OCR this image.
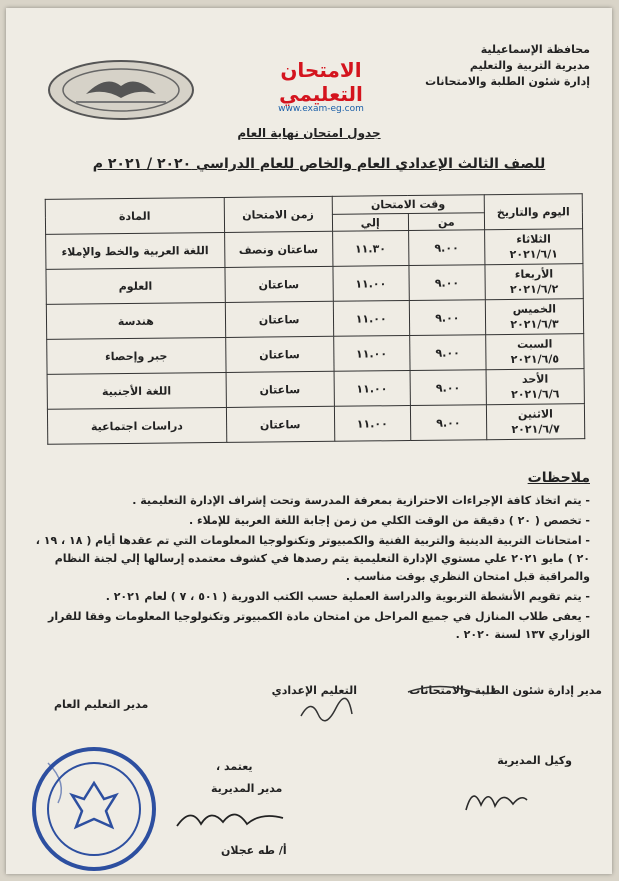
محافظة الإسماعيلية
مديرية التربية والتعليم
إدارة شئون الطلبة والامتحانات
الامتحان التعليمي
www.exam-eg.com
جدول امتحان نهاية العام
للصف الثالث الإعدادي العام والخاص للعام الدراسي ٢٠٢٠ / ٢٠٢١ م
اليوم والتاريخ	وقت الامتحان		زمن الامتحان	المادة
	من	إلي		

الثلاثاء
٢٠٢١/٦/١	٩.٠٠	١١.٣٠	ساعتان ونصف	اللغة العربية والخط والإملاء

الأربعاء
٢٠٢١/٦/٢	٩.٠٠	١١.٠٠	ساعتان	العلوم

الخميس
٢٠٢١/٦/٣	٩.٠٠	١١.٠٠	ساعتان	هندسة

السبت
٢٠٢١/٦/٥	٩.٠٠	١١.٠٠	ساعتان	جبر وإحصاء

الأحد
٢٠٢١/٦/٦	٩.٠٠	١١.٠٠	ساعتان	اللغة الأجنبية

الاثنين
٢٠٢١/٦/٧	٩.٠٠	١١.٠٠	ساعتان	دراسات اجتماعية
ملاحظات
- يتم اتخاذ كافة الإجراءات الاحترازية بمعرفة المدرسة وتحت إشراف الإدارة التعليمية .
- تخصص ( ٢٠ ) دقيقة من الوقت الكلي من زمن إجابة اللغة العربية للإملاء .
- امتحانات التربية الدينية والتربية الفنية والكمبيوتر وتكنولوجيا المعلومات التي تم عقدها أيام ( ١٨ ، ١٩ ، ٢٠ ) مايو ٢٠٢١ علي مستوي الإدارة التعليمية يتم رصدها في كشوف معتمده إرسالها إلي لجنة النظام والمراقبة قبل امتحان النظري بوقت مناسب .
- يتم تقويم الأنشطة التربوية والدراسة العملية حسب الكتب الدورية ( ٥٠١ ، ٧ ) لعام ٢٠٢١ .
- يعفى طلاب المنازل في جميع المراحل من امتحان مادة الكمبيوتر وتكنولوجيا المعلومات وفقا للقرار الوزاري ١٣٧ لسنة ٢٠٢٠ .
مدير إدارة شئون الطلبة والامتحانات
التعليم الإعدادي
مدير التعليم العام
وكيل المديرية
يعتمد ،
مدير المديرية
أ/ طه عجلان
